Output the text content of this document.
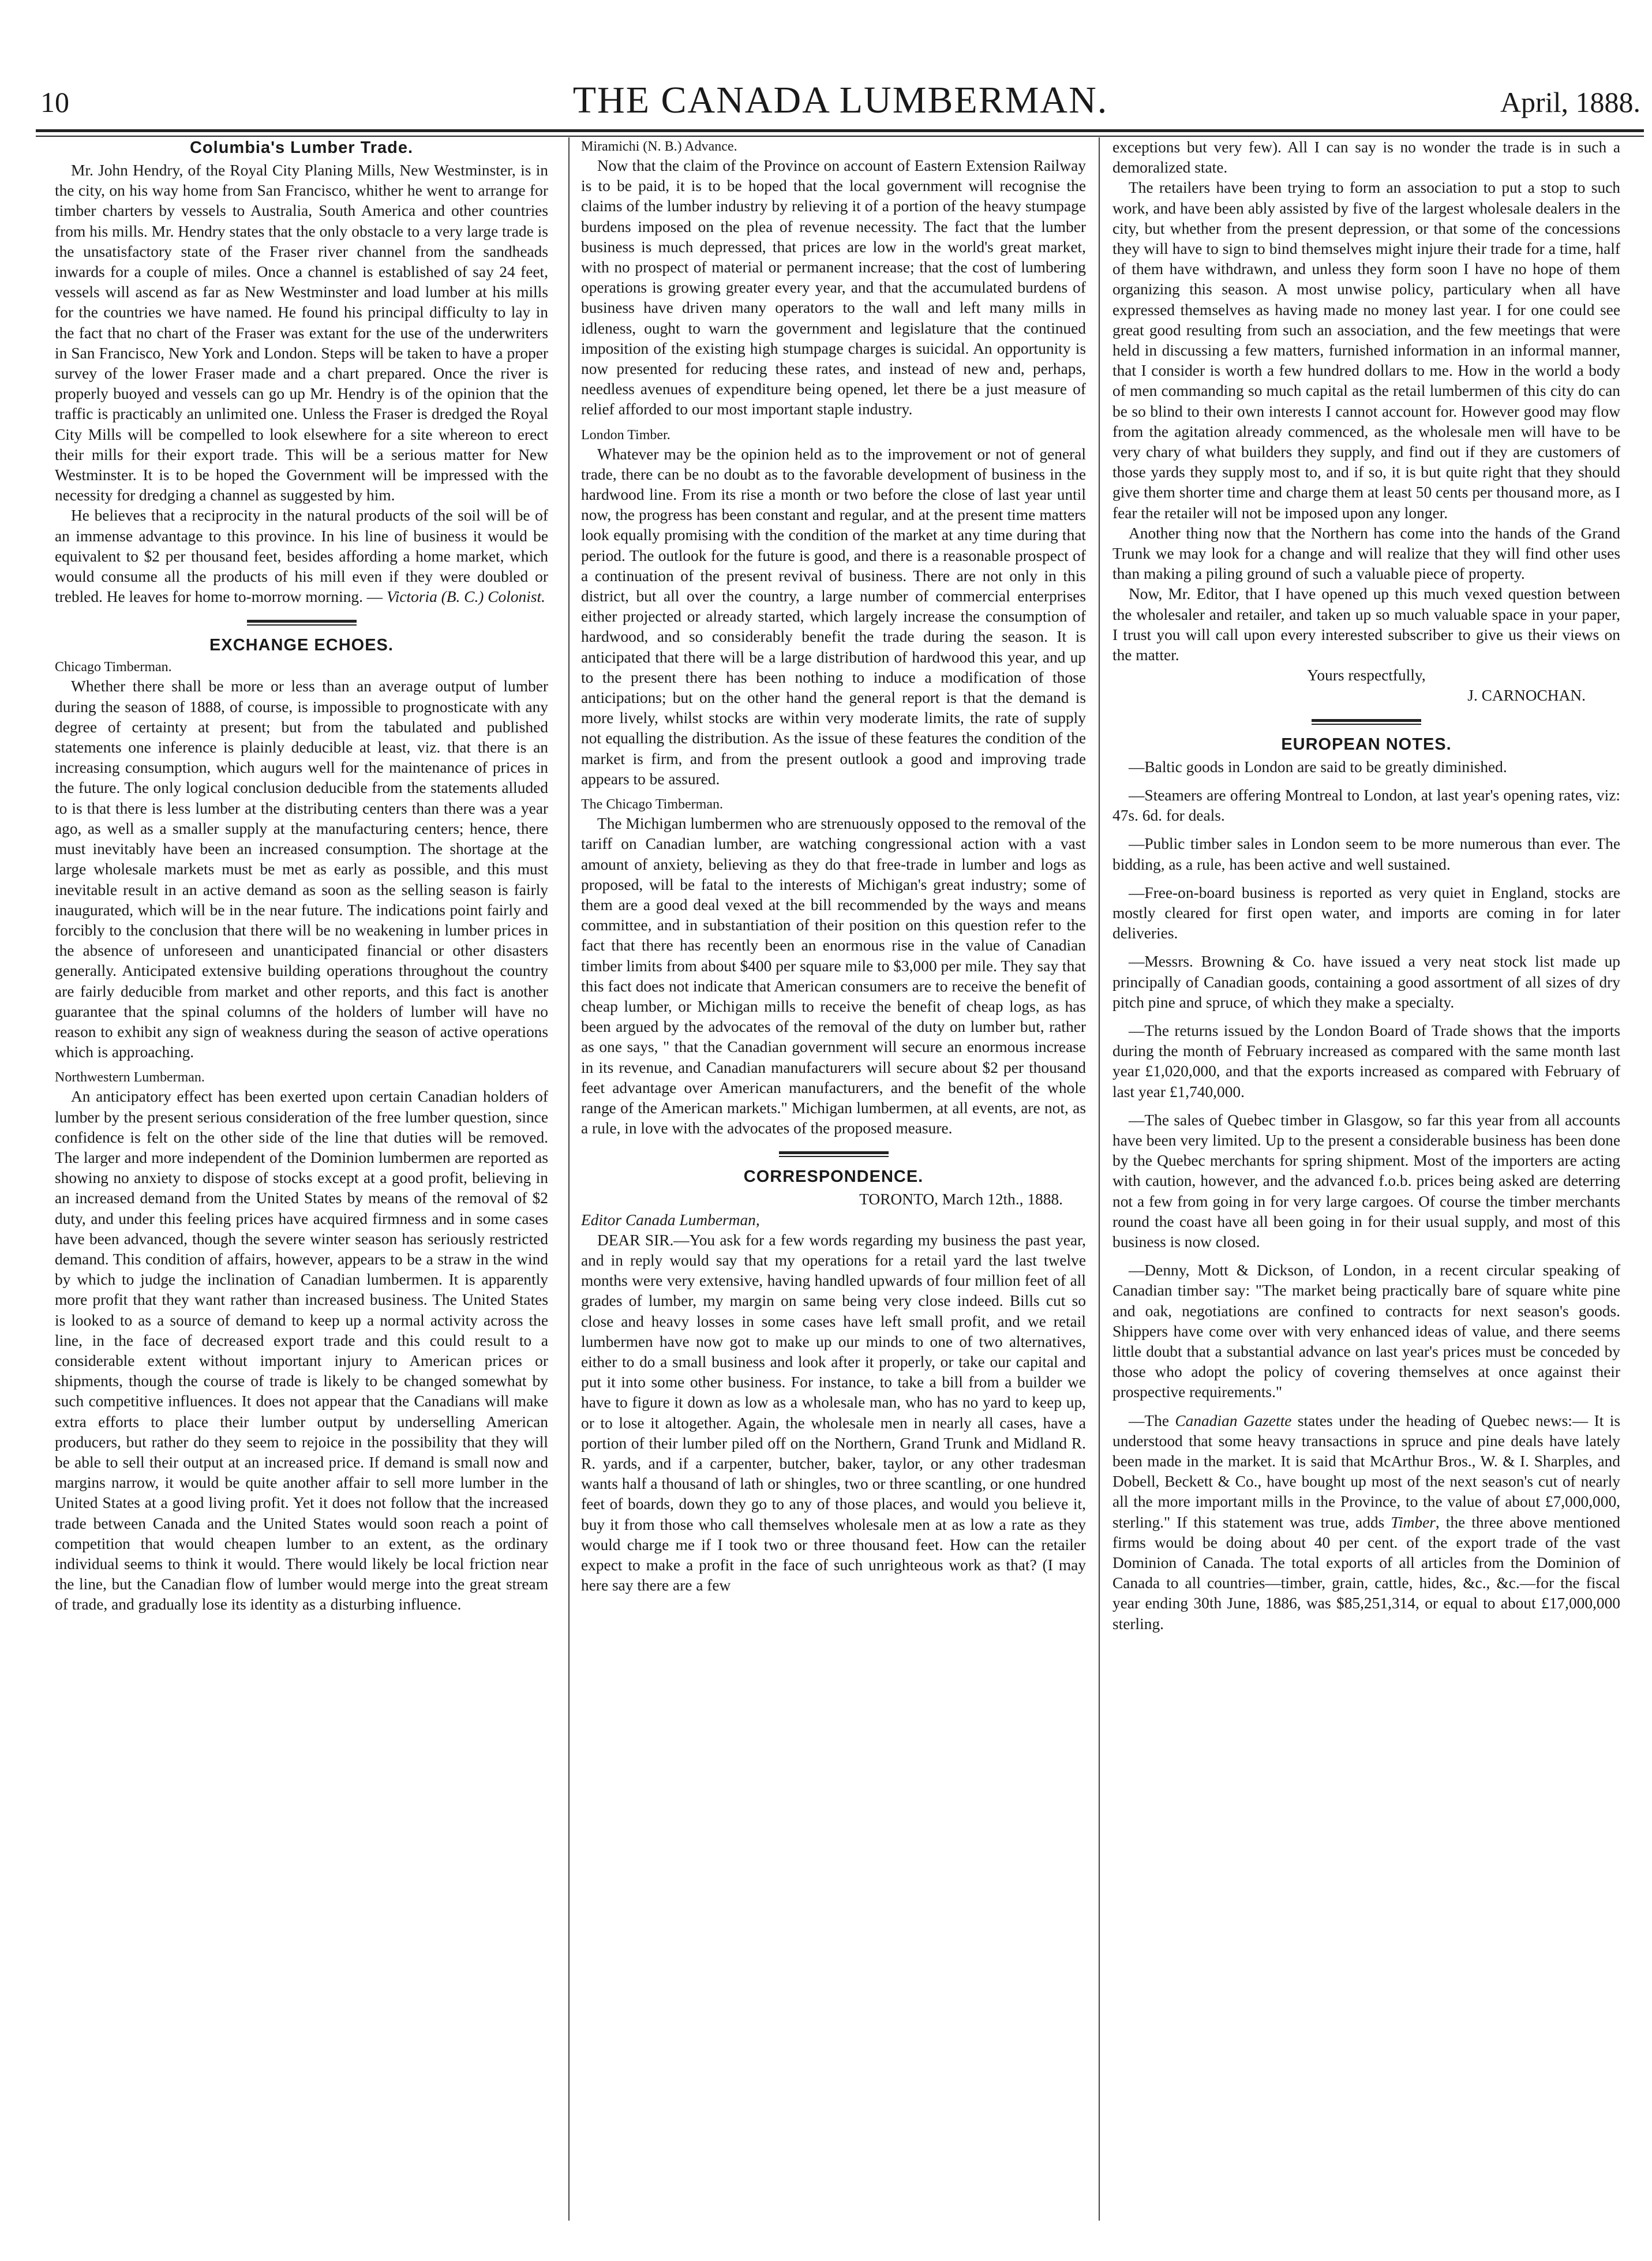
10	THE CANADA LUMBERMAN.	April, 1888.
Columbia's Lumber Trade.

Mr. John Hendry, of the Royal City Planing Mills, New Westminster, is in the city, on his way home from San Francisco, whither he went to arrange for timber charters by vessels to Australia, South America and other countries from his mills. Mr. Hendry states that the only obstacle to a very large trade is the unsatisfactory state of the Fraser river channel from the sandheads inwards for a couple of miles. Once a channel is established of say 24 feet, vessels will ascend as far as New Westminster and load lumber at his mills for the countries we have named. He found his principal difficulty to lay in the fact that no chart of the Fraser was extant for the use of the underwriters in San Francisco, New York and London. Steps will be taken to have a proper survey of the lower Fraser made and a chart prepared. Once the river is properly buoyed and vessels can go up Mr. Hendry is of the opinion that the traffic is practicably an unlimited one. Unless the Fraser is dredged the Royal City Mills will be compelled to look elsewhere for a site whereon to erect their mills for their export trade. This will be a serious matter for New Westminster. It is to be hoped the Government will be impressed with the necessity for dredging a channel as suggested by him.

He believes that a reciprocity in the natural products of the soil will be of an immense advantage to this province. In his line of business it would be equivalent to $2 per thousand feet, besides affording a home market, which would consume all the products of his mill even if they were doubled or trebled. He leaves for home to-morrow morning. — Victoria (B. C.) Colonist.

EXCHANGE ECHOES.

Chicago Timberman.

Whether there shall be more or less than an average output of lumber during the season of 1888, of course, is impossible to prognosticate with any degree of certainty at present; but from the tabulated and published statements one inference is plainly deducible at least, viz. that there is an increasing consumption, which augurs well for the maintenance of prices in the future. The only logical conclusion deducible from the statements alluded to is that there is less lumber at the distributing centers than there was a year ago, as well as a smaller supply at the manufacturing centers; hence, there must inevitably have been an increased consumption. The shortage at the large wholesale markets must be met as early as possible, and this must inevitable result in an active demand as soon as the selling season is fairly inaugurated, which will be in the near future. The indications point fairly and forcibly to the conclusion that there will be no weakening in lumber prices in the absence of unforeseen and unanticipated financial or other disasters generally. Anticipated extensive building operations throughout the country are fairly deducible from market and other reports, and this fact is another guarantee that the spinal columns of the holders of lumber will have no reason to exhibit any sign of weakness during the season of active operations which is approaching.

Northwestern Lumberman.

An anticipatory effect has been exerted upon certain Canadian holders of lumber by the present serious consideration of the free lumber question, since confidence is felt on the other side of the line that duties will be removed. The larger and more independent of the Dominion lumbermen are reported as showing no anxiety to dispose of stocks except at a good profit, believing in an increased demand from the United States by means of the removal of $2 duty, and under this feeling prices have acquired firmness and in some cases have been advanced, though the severe winter season has seriously restricted demand. This condition of affairs, however, appears to be a straw in the wind by which to judge the inclination of Canadian lumbermen. It is apparently more profit that they want rather than increased business. The United States is looked to as a source of demand to keep up a normal activity across the line, in the face of decreased export trade and this could result to a considerable extent without important injury to American prices or shipments, though the course of trade is likely to be changed somewhat by such competitive influences. It does not appear that the Canadians will make extra efforts to place their lumber output by underselling American producers, but rather do they seem to rejoice in the possibility that they will be able to sell their output at an increased price. If demand is small now and margins narrow, it would be quite another affair to sell more lumber in the United States at a good living profit. Yet it does not follow that the increased trade between Canada and the United States would soon reach a point of competition that would cheapen lumber to an extent, as the ordinary individual seems to think it would. There would likely be local friction near the line, but the Canadian flow of lumber would merge into the great stream of trade, and gradually lose its identity as a disturbing influence.

Miramichi (N. B.) Advance.

Now that the claim of the Province on account of Eastern Extension Railway is to be paid, it is to be hoped that the local government will recognise the claims of the lumber industry by relieving it of a portion of the heavy stumpage burdens imposed on the plea of revenue necessity. The fact that the lumber business is much depressed, that prices are low in the world's great market, with no prospect of material or permanent increase; that the cost of lumbering operations is growing greater every year, and that the accumulated burdens of business have driven many operators to the wall and left many mills in idleness, ought to warn the government and legislature that the continued imposition of the existing high stumpage charges is suicidal. An opportunity is now presented for reducing these rates, and instead of new and, perhaps, needless avenues of expenditure being opened, let there be a just measure of relief afforded to our most important staple industry.

London Timber.

Whatever may be the opinion held as to the improvement or not of general trade, there can be no doubt as to the favorable development of business in the hardwood line. From its rise a month or two before the close of last year until now, the progress has been constant and regular, and at the present time matters look equally promising with the condition of the market at any time during that period. The outlook for the future is good, and there is a reasonable prospect of a continuation of the present revival of business. There are not only in this district, but all over the country, a large number of commercial enterprises either projected or already started, which largely increase the consumption of hardwood, and so considerably benefit the trade during the season. It is anticipated that there will be a large distribution of hardwood this year, and up to the present there has been nothing to induce a modification of those anticipations; but on the other hand the general report is that the demand is more lively, whilst stocks are within very moderate limits, the rate of supply not equalling the distribution. As the issue of these features the condition of the market is firm, and from the present outlook a good and improving trade appears to be assured.

The Chicago Timberman.

The Michigan lumbermen who are strenuously opposed to the removal of the tariff on Canadian lumber, are watching congressional action with a vast amount of anxiety, believing as they do that free-trade in lumber and logs as proposed, will be fatal to the interests of Michigan's great industry; some of them are a good deal vexed at the bill recommended by the ways and means committee, and in substantiation of their position on this question refer to the fact that there has recently been an enormous rise in the value of Canadian timber limits from about $400 per square mile to $3,000 per mile. They say that this fact does not indicate that American consumers are to receive the benefit of cheap lumber, or Michigan mills to receive the benefit of cheap logs, as has been argued by the advocates of the removal of the duty on lumber but, rather as one says, " that the Canadian government will secure an enormous increase in its revenue, and Canadian manufacturers will secure about $2 per thousand feet advantage over American manufacturers, and the benefit of the whole range of the American markets." Michigan lumbermen, at all events, are not, as a rule, in love with the advocates of the proposed measure.

CORRESPONDENCE.

TORONTO, March 12th., 1888.

Editor Canada Lumberman,

DEAR SIR.—You ask for a few words regarding my business the past year, and in reply would say that my operations for a retail yard the last twelve months were very extensive, having handled upwards of four million feet of all grades of lumber, my margin on same being very close indeed. Bills cut so close and heavy losses in some cases have left small profit, and we retail lumbermen have now got to make up our minds to one of two alternatives, either to do a small business and look after it properly, or take our capital and put it into some other business. For instance, to take a bill from a builder we have to figure it down as low as a wholesale man, who has no yard to keep up, or to lose it altogether. Again, the wholesale men in nearly all cases, have a portion of their lumber piled off on the Northern, Grand Trunk and Midland R. R. yards, and if a carpenter, butcher, baker, taylor, or any other tradesman wants half a thousand of lath or shingles, two or three scantling, or one hundred feet of boards, down they go to any of those places, and would you believe it, buy it from those who call themselves wholesale men at as low a rate as they would charge me if I took two or three thousand feet. How can the retailer expect to make a profit in the face of such unrighteous work as that? (I may here say there are a few

exceptions but very few). All I can say is no wonder the trade is in such a demoralized state.

The retailers have been trying to form an association to put a stop to such work, and have been ably assisted by five of the largest wholesale dealers in the city, but whether from the present depression, or that some of the concessions they will have to sign to bind themselves might injure their trade for a time, half of them have withdrawn, and unless they form soon I have no hope of them organizing this season. A most unwise policy, particulary when all have expressed themselves as having made no money last year. I for one could see great good resulting from such an association, and the few meetings that were held in discussing a few matters, furnished information in an informal manner, that I consider is worth a few hundred dollars to me. How in the world a body of men commanding so much capital as the retail lumbermen of this city do can be so blind to their own interests I cannot account for. However good may flow from the agitation already commenced, as the wholesale men will have to be very chary of what builders they supply, and find out if they are customers of those yards they supply most to, and if so, it is but quite right that they should give them shorter time and charge them at least 50 cents per thousand more, as I fear the retailer will not be imposed upon any longer.

Another thing now that the Northern has come into the hands of the Grand Trunk we may look for a change and will realize that they will find other uses than making a piling ground of such a valuable piece of property.

Now, Mr. Editor, that I have opened up this much vexed question between the wholesaler and retailer, and taken up so much valuable space in your paper, I trust you will call upon every interested subscriber to give us their views on the matter.

Yours respectfully,

J. CARNOCHAN.

EUROPEAN NOTES.

—Baltic goods in London are said to be greatly diminished.

—Steamers are offering Montreal to London, at last year's opening rates, viz: 47s. 6d. for deals.

—Public timber sales in London seem to be more numerous than ever. The bidding, as a rule, has been active and well sustained.

—Free-on-board business is reported as very quiet in England, stocks are mostly cleared for first open water, and imports are coming in for later deliveries.

—Messrs. Browning & Co. have issued a very neat stock list made up principally of Canadian goods, containing a good assortment of all sizes of dry pitch pine and spruce, of which they make a specialty.

—The returns issued by the London Board of Trade shows that the imports during the month of February increased as compared with the same month last year £1,020,000, and that the exports increased as compared with February of last year £1,740,000.

—The sales of Quebec timber in Glasgow, so far this year from all accounts have been very limited. Up to the present a considerable business has been done by the Quebec merchants for spring shipment. Most of the importers are acting with caution, however, and the advanced f.o.b. prices being asked are deterring not a few from going in for very large cargoes. Of course the timber merchants round the coast have all been going in for their usual supply, and most of this business is now closed.

—Denny, Mott & Dickson, of London, in a recent circular speaking of Canadian timber say: "The market being practically bare of square white pine and oak, negotiations are confined to contracts for next season's goods. Shippers have come over with very enhanced ideas of value, and there seems little doubt that a substantial advance on last year's prices must be conceded by those who adopt the policy of covering themselves at once against their prospective requirements."

—The Canadian Gazette states under the heading of Quebec news:— It is understood that some heavy transactions in spruce and pine deals have lately been made in the market. It is said that McArthur Bros., W. & I. Sharples, and Dobell, Beckett & Co., have bought up most of the next season's cut of nearly all the more important mills in the Province, to the value of about £7,000,000, sterling." If this statement was true, adds Timber, the three above mentioned firms would be doing about 40 per cent. of the export trade of the vast Dominion of Canada. The total exports of all articles from the Dominion of Canada to all countries—timber, grain, cattle, hides, &c., &c.—for the fiscal year ending 30th June, 1886, was $85,251,314, or equal to about £17,000,000 sterling.
